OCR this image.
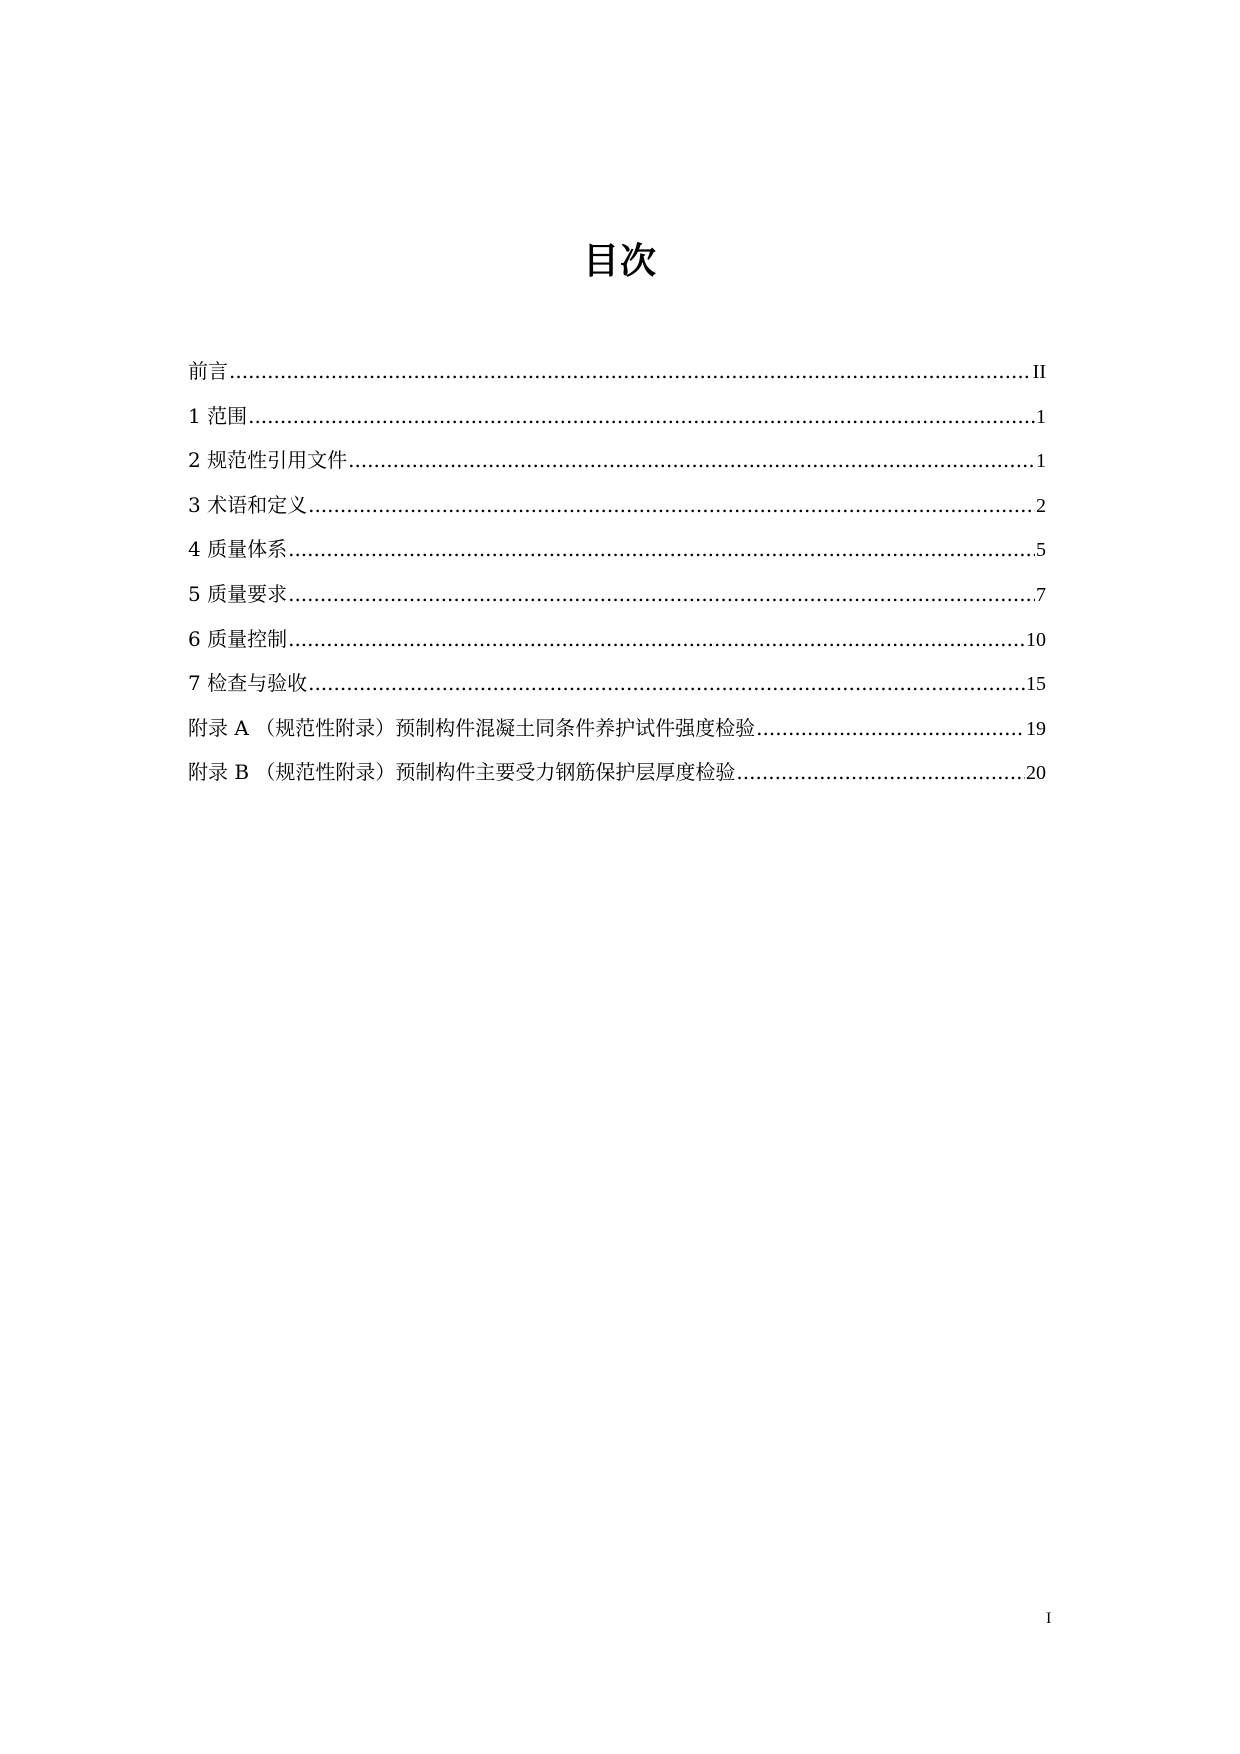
目次
前言 .....	II
1 范围 .....	1
2 规范性引用文件 .....	1
3 术语和定义 .....	2
4 质量体系 .....	5
5 质量要求 .....	7
6 质量控制 .....	10
7 检查与验收 .....	15
附录 A （规范性附录）预制构件混凝土同条件养护试件强度检验 .....	19
附录 B （规范性附录）预制构件主要受力钢筋保护层厚度检验 .....	20
I
